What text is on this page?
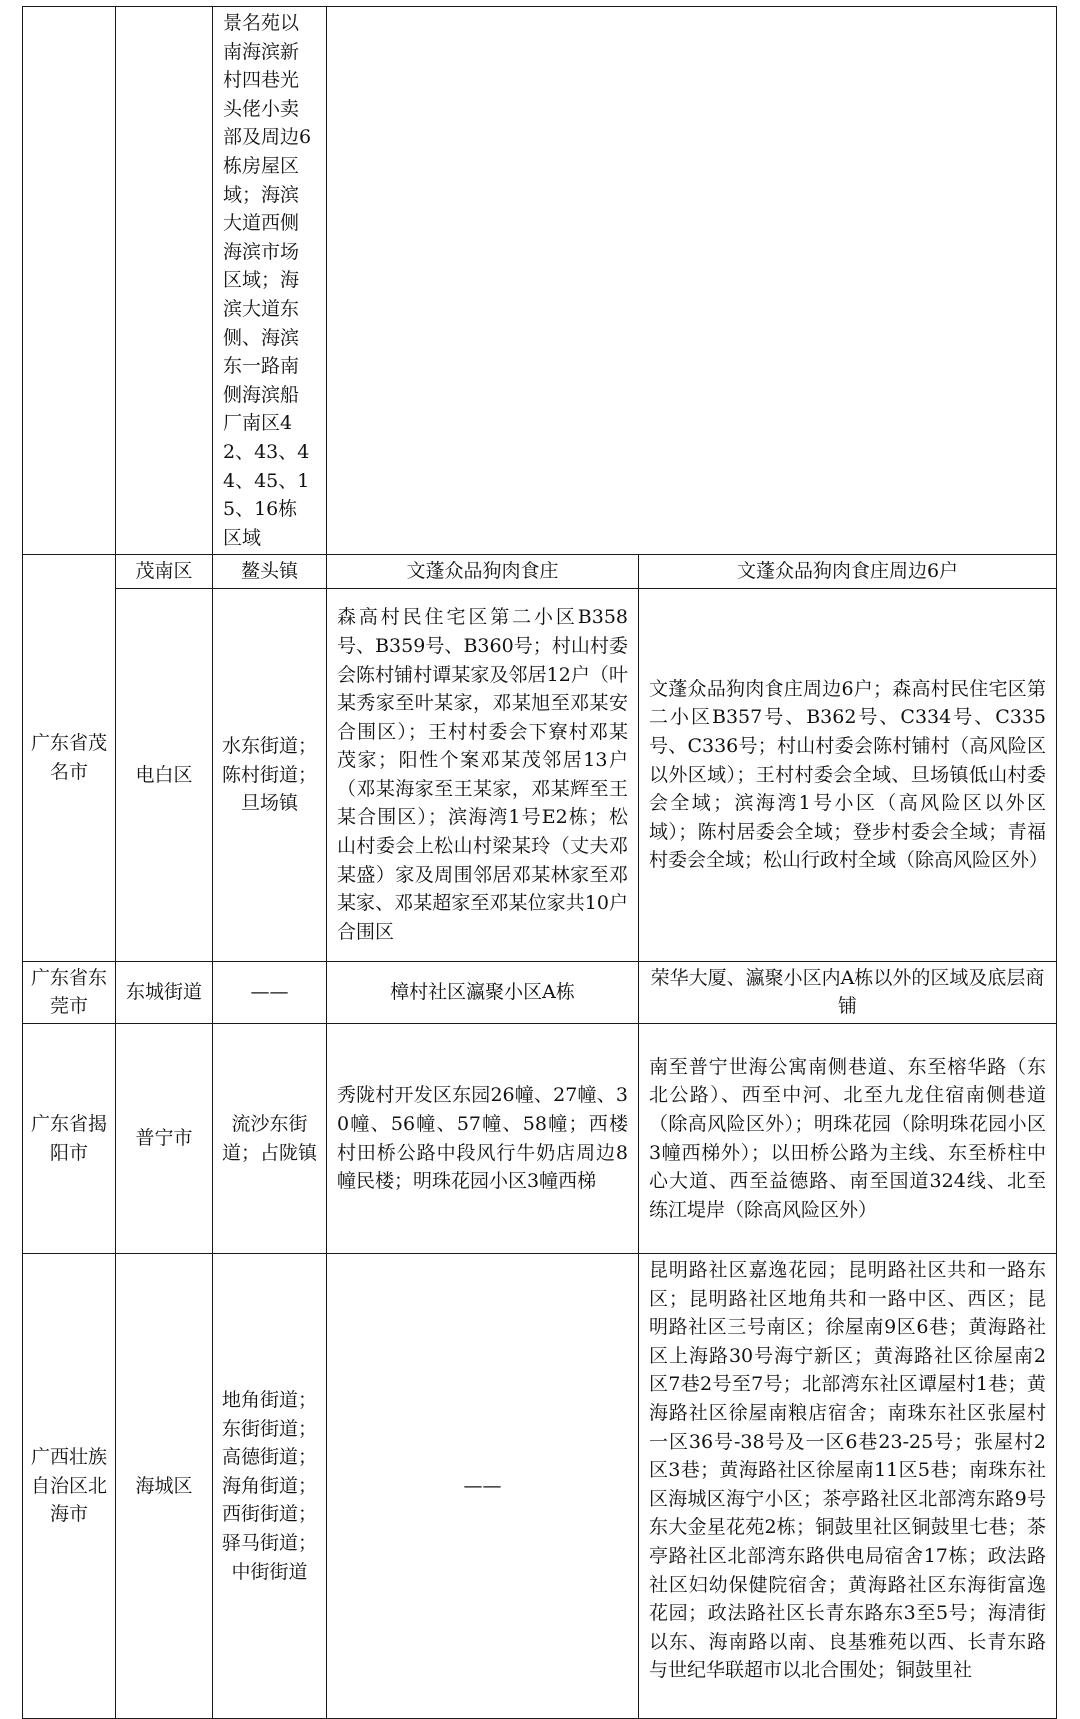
		景名苑以南海滨新村四巷光头佬小卖部及周边6栋房屋区域；海滨大道西侧海滨市场区域；海滨大道东侧、海滨东一路南侧海滨船厂南区42、43、44、45、15、16栋区域		
广东省茂名市	茂南区	鳌头镇	文蓬众品狗肉食庄	文蓬众品狗肉食庄周边6户
	电白区	水东街道；陈村街道；旦场镇	森高村民住宅区第二小区B358号、B359号、B360号；村山村委会陈村铺村谭某家及邻居12户（叶某秀家至叶某家，邓某旭至邓某安合围区）；王村村委会下寮村邓某茂家；阳性个案邓某茂邻居13户（邓某海家至王某家，邓某辉至王某合围区）；滨海湾1号E2栋；松山村委会上松山村梁某玲（丈夫邓某盛）家及周围邻居邓某林家至邓某家、邓某超家至邓某位家共10户合围区	文蓬众品狗肉食庄周边6户；森高村民住宅区第二小区B357号、B362号、C334号、C335号、C336号；村山村委会陈村铺村（高风险区以外区域）；王村村委会全域、旦场镇低山村委会全域；滨海湾1号小区（高风险区以外区域）；陈村居委会全域；登步村委会全域；青福村委会全域；松山行政村全域（除高风险区外）
广东省东莞市	东城街道	——	樟村社区瀛聚小区A栋	荣华大厦、瀛聚小区内A栋以外的区域及底层商铺
广东省揭阳市	普宁市	流沙东街道；占陇镇	秀陇村开发区东园26幢、27幢、30幢、56幢、57幢、58幢；西楼村田桥公路中段风行牛奶店周边8幢民楼；明珠花园小区3幢西梯	南至普宁世海公寓南侧巷道、东至榕华路（东北公路）、西至中河、北至九龙住宿南侧巷道（除高风险区外）；明珠花园（除明珠花园小区3幢西梯外）；以田桥公路为主线、东至桥柱中心大道、西至益德路、南至国道324线、北至练江堤岸（除高风险区外）
广西壮族自治区北海市	海城区	地角街道；东街街道；高德街道；海角街道；西街街道；驿马街道；中街街道	——	昆明路社区嘉逸花园；昆明路社区共和一路东区；昆明路社区地角共和一路中区、西区；昆明路社区三号南区；徐屋南9区6巷；黄海路社区上海路30号海宁新区；黄海路社区徐屋南2区7巷2号至7号；北部湾东社区谭屋村1巷；黄海路社区徐屋南粮店宿舍；南珠东社区张屋村一区36号-38号及一区6巷23-25号；张屋村2区3巷；黄海路社区徐屋南11区5巷；南珠东社区海城区海宁小区；茶亭路社区北部湾东路9号东大金星花苑2栋；铜鼓里社区铜鼓里七巷；茶亭路社区北部湾东路供电局宿舍17栋；政法路社区妇幼保健院宿舍；黄海路社区东海街富逸花园；政法路社区长青东路东3至5号；海清街以东、海南路以南、良基雅苑以西、长青东路与世纪华联超市以北合围处；铜鼓里社
